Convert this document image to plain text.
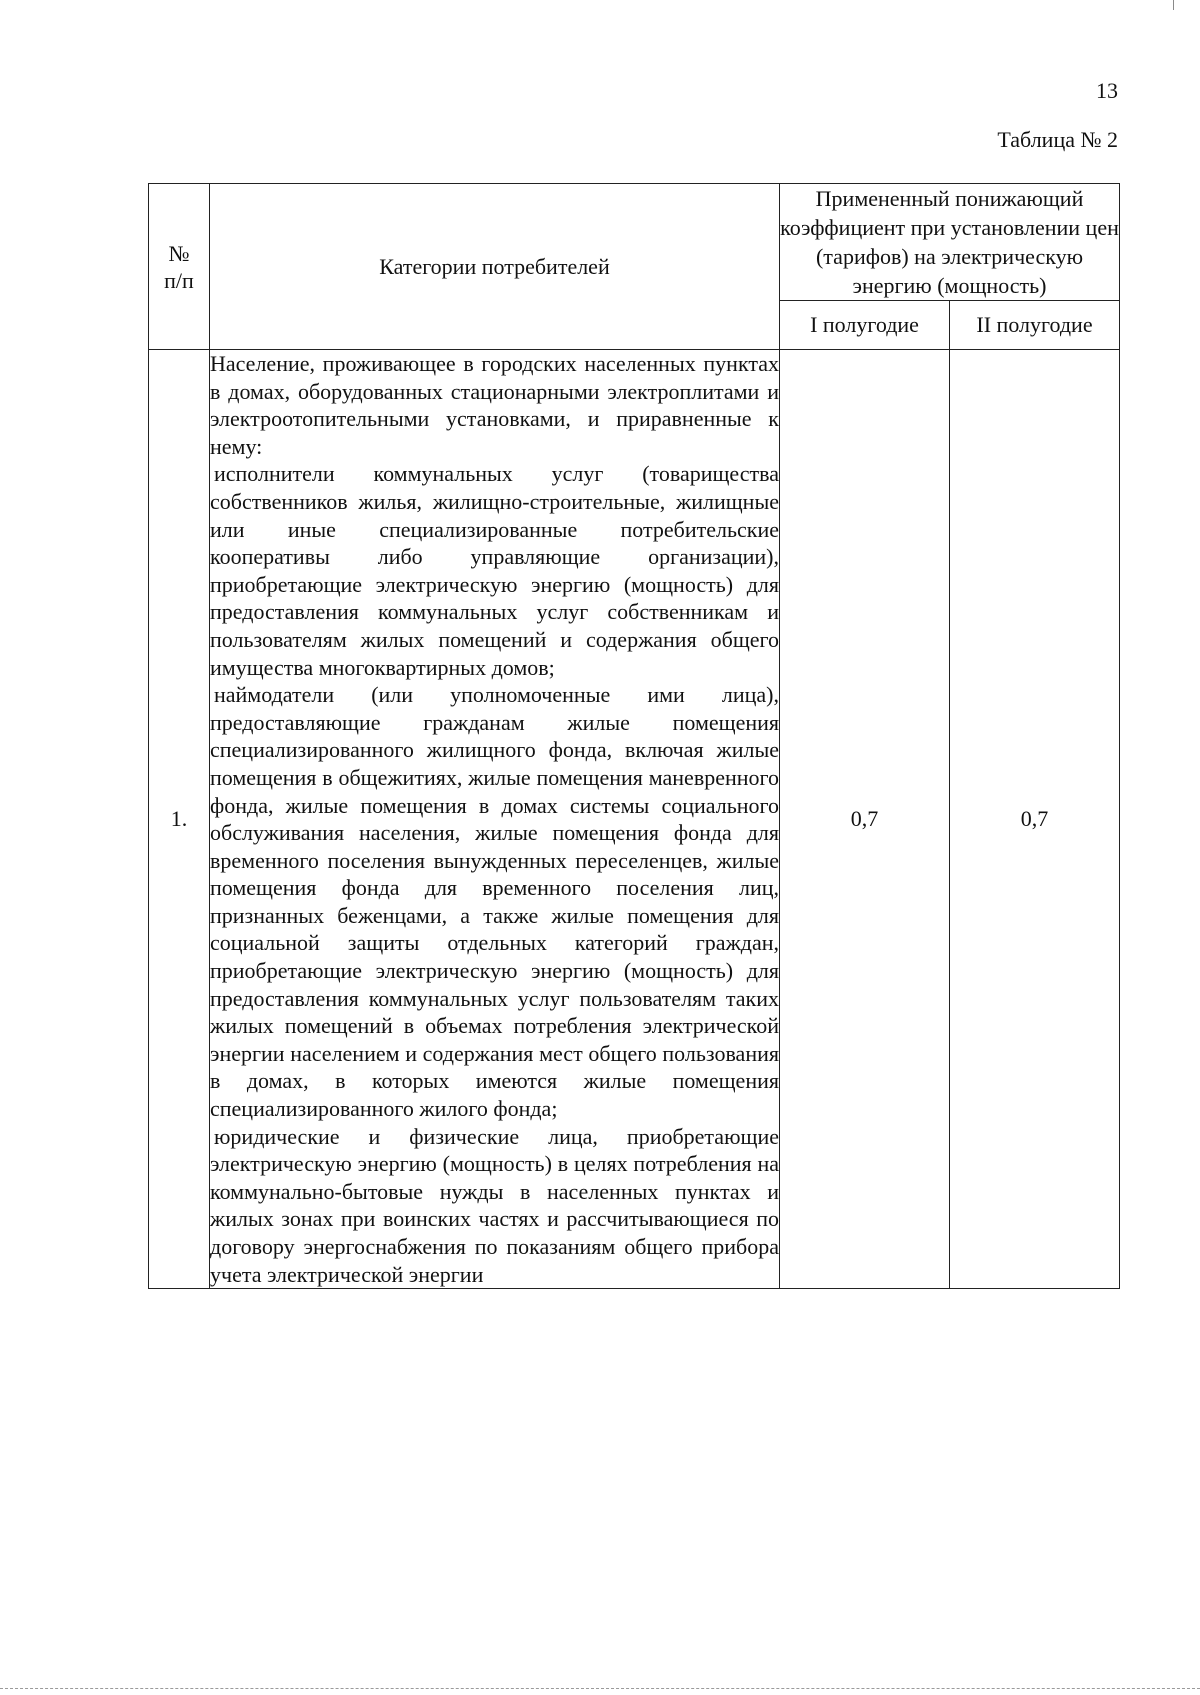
13
Таблица № 2
№
п/п	Категории потребителей	Примененный понижающий коэффициент при установлении цен (тарифов) на электрическую энергию (мощность)	
		I полугодие	II полугодие
1.	Население, проживающее в городских населенных пунктах в домах, оборудованных стационарными электроплитами и электроотопительными установками, и приравненные к нему:

исполнители коммунальных услуг (товарищества собственников жилья, жилищно-строительные, жилищные или иные специализированные потребительские кооперативы либо управляющие организации), приобретающие электрическую энергию (мощность) для предоставления коммунальных услуг собственникам и пользователям жилых помещений и содержания общего имущества многоквартирных домов;

наймодатели (или уполномоченные ими лица), предоставляющие гражданам жилые помещения специализированного жилищного фонда, включая жилые помещения в общежитиях, жилые помещения маневренного фонда, жилые помещения в домах системы социального обслуживания населения, жилые помещения фонда для временного поселения вынужденных переселенцев, жилые помещения фонда для временного поселения лиц, признанных беженцами, а также жилые помещения для социальной защиты отдельных категорий граждан, приобретающие электрическую энергию (мощность) для предоставления коммунальных услуг пользователям таких жилых помещений в объемах потребления электрической энергии населением и содержания мест общего пользования в домах, в которых имеются жилые помещения специализированного жилого фонда;

юридические и физические лица, приобретающие электрическую энергию (мощность) в целях потребления на коммунально-бытовые нужды в населенных пунктах и жилых зонах при воинских частях и рассчитывающиеся по договору энергоснабжения по показаниям общего прибора учета электрической энергии	0,7	0,7
